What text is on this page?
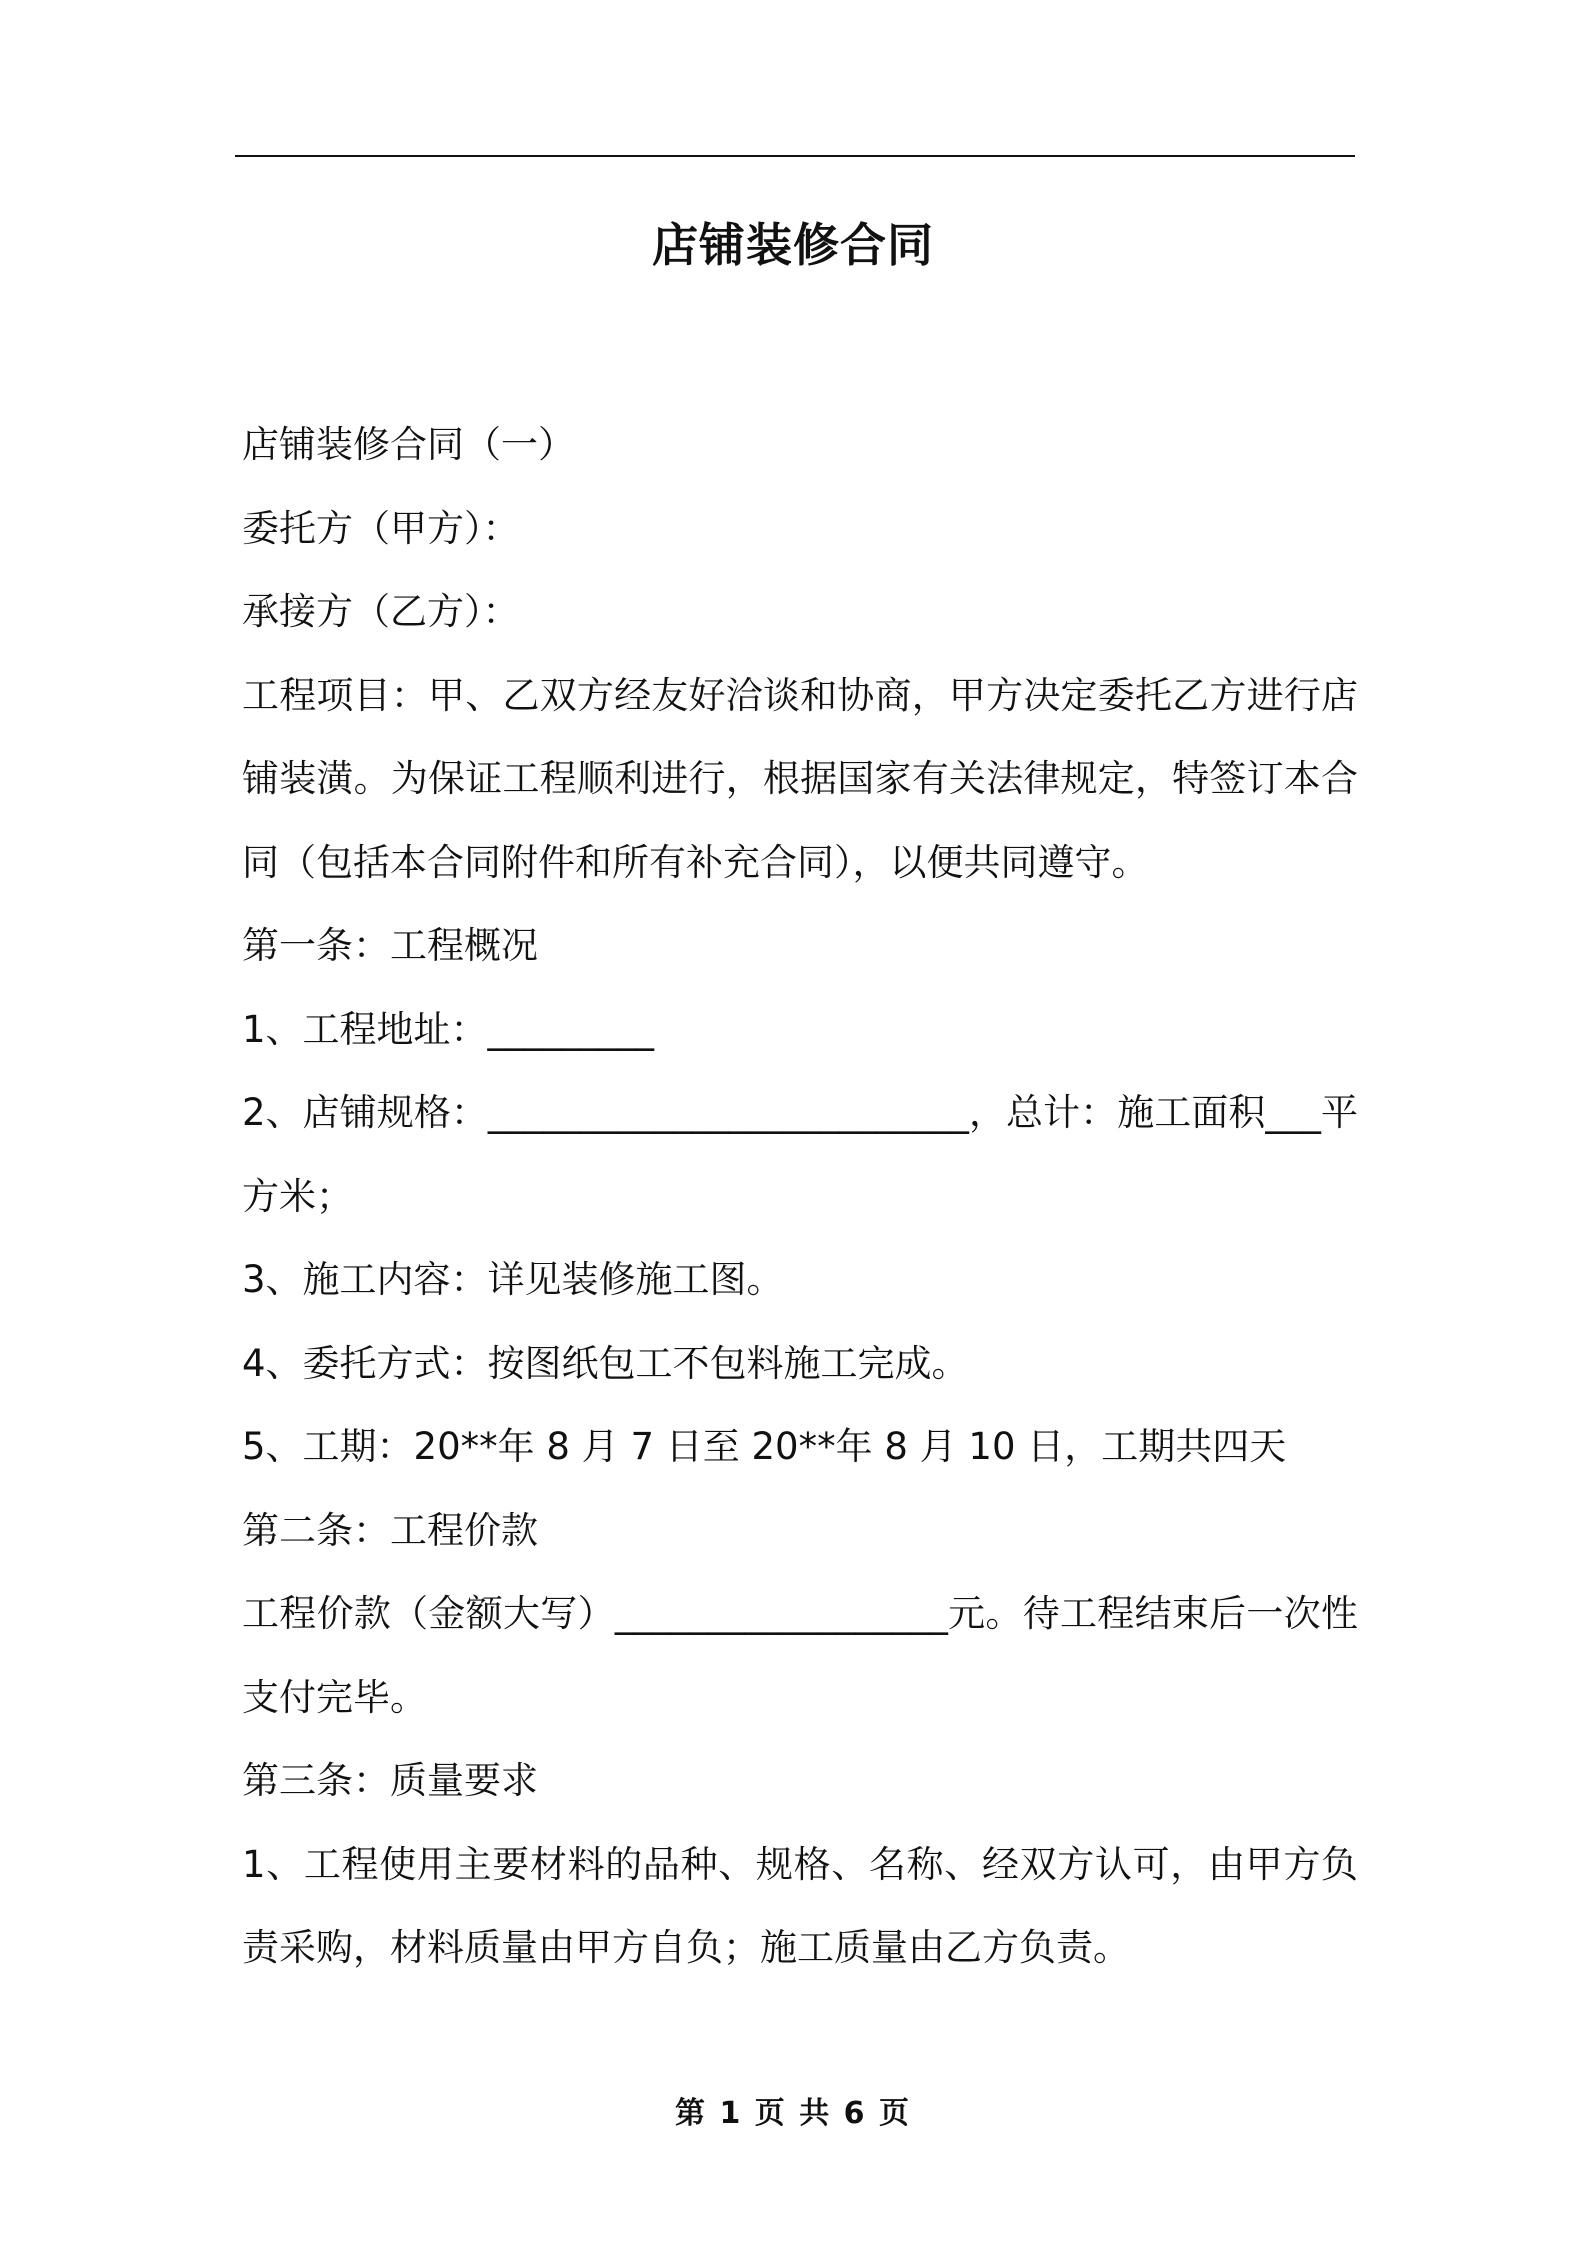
店铺装修合同

店铺装修合同（一）

委托方（甲方）：

承接方（乙方）：

工程项目：甲、乙双方经友好洽谈和协商，甲方决定委托乙方进行店铺装潢。为保证工程顺利进行，根据国家有关法律规定，特签订本合同（包括本合同附件和所有补充合同），以便共同遵守。

第一条：工程概况

1、工程地址：_________

2、店铺规格：__________________________，总计：施工面积___平方米；

3、施工内容：详见装修施工图。

4、委托方式：按图纸包工不包料施工完成。

5、工期：20**年 8 月 7 日至 20**年 8 月 10 日，工期共四天

第二条：工程价款

工程价款（金额大写）__________________元。待工程结束后一次性支付完毕。

第三条：质量要求

1、工程使用主要材料的品种、规格、名称、经双方认可，由甲方负责采购，材料质量由甲方自负；施工质量由乙方负责。

第 1 页 共 6 页
